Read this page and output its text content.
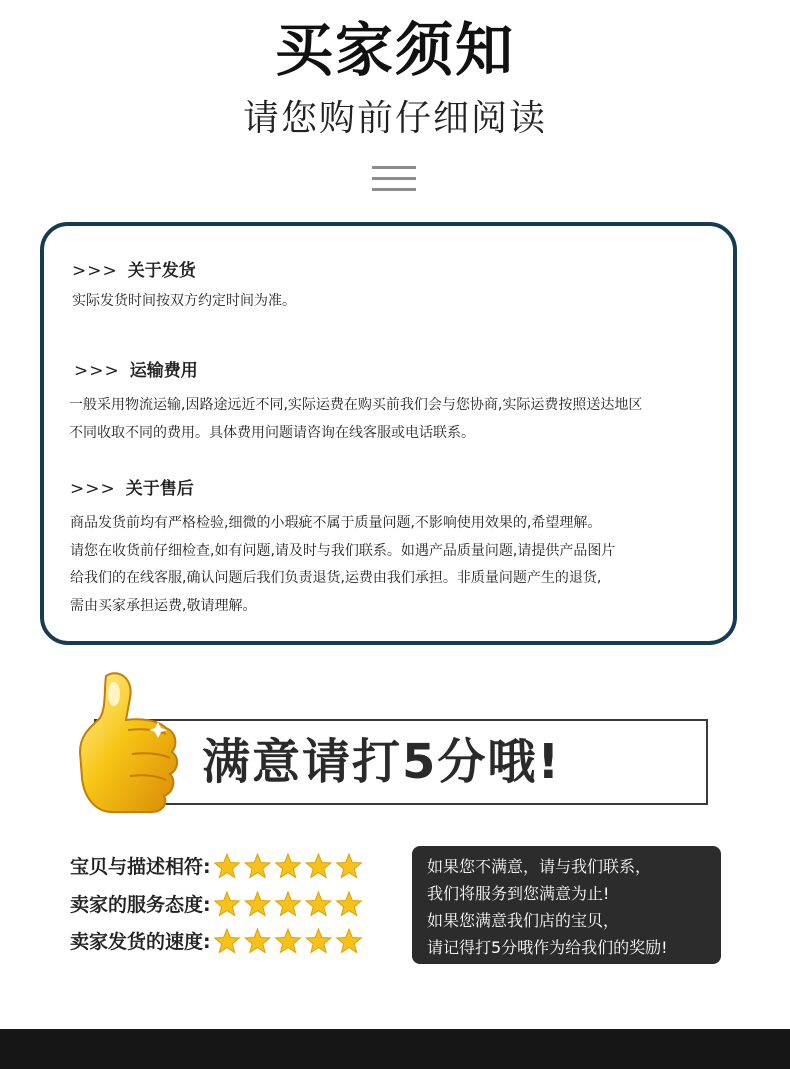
买家须知
请您购前仔细阅读
>>> 关于发货
实际发货时间按双方约定时间为准。
>>> 运输费用
一般采用物流运输,因路途远近不同,实际运费在购买前我们会与您协商,实际运费按照送达地区
不同收取不同的费用。具体费用问题请咨询在线客服或电话联系。
>>> 关于售后
商品发货前均有严格检验,细微的小瑕疵不属于质量问题,不影响使用效果的,希望理解。
请您在收货前仔细检查,如有问题,请及时与我们联系。如遇产品质量问题,请提供产品图片
给我们的在线客服,确认问题后我们负责退货,运费由我们承担。非质量问题产生的退货,
需由买家承担运费,敬请理解。
满意请打5分哦!
宝贝与描述相符:
卖家的服务态度:
卖家发货的速度:
如果您不满意，请与我们联系，
我们将服务到您满意为止!
如果您满意我们店的宝贝，
请记得打5分哦作为给我们的奖励!
